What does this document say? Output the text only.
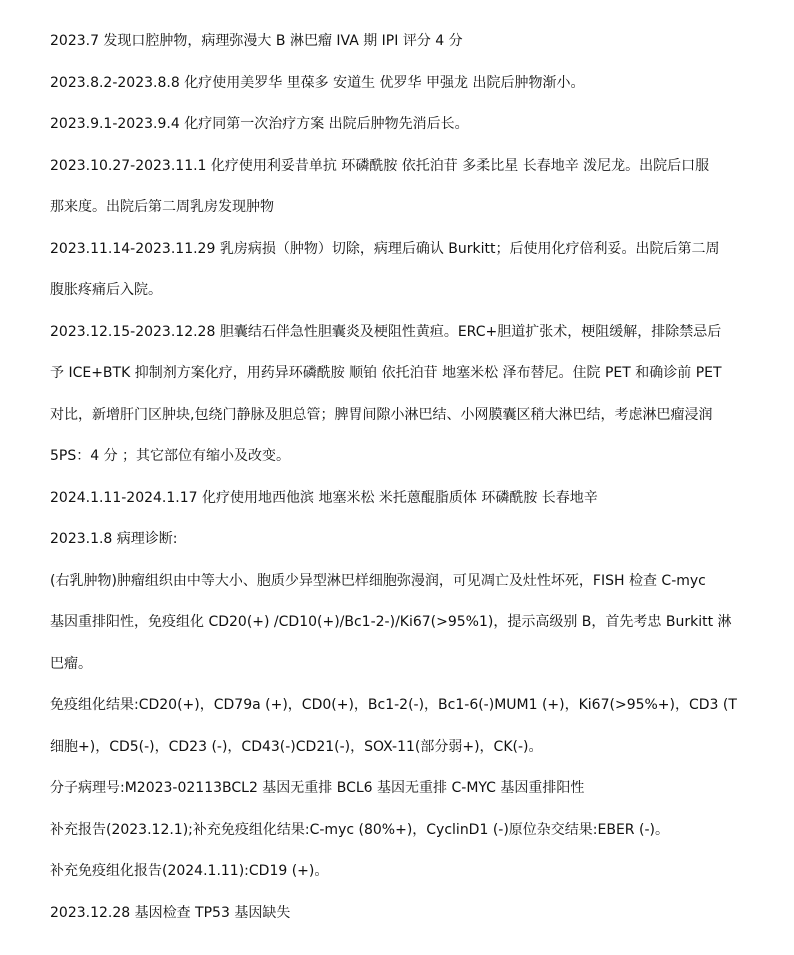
2023.7 发现口腔肿物，病理弥漫大 B 淋巴瘤 IVA 期 IPI 评分 4 分
2023.8.2-2023.8.8 化疗使用美罗华 里葆多 安道生 优罗华 甲强龙 出院后肿物渐小。
2023.9.1-2023.9.4 化疗同第一次治疗方案 出院后肿物先消后长。
2023.10.27-2023.11.1 化疗使用利妥昔单抗 环磷酰胺 依托泊苷 多柔比星 长春地辛 泼尼龙。出院后口服
那来度。出院后第二周乳房发现肿物
2023.11.14-2023.11.29 乳房病损（肿物）切除，病理后确认 Burkitt；后使用化疗倍利妥。出院后第二周
腹胀疼痛后入院。
2023.12.15-2023.12.28 胆囊结石伴急性胆囊炎及梗阻性黄疸。ERC+胆道扩张术，梗阻缓解，排除禁忌后
予 ICE+BTK 抑制剂方案化疗，用药异环磷酰胺 顺铂 依托泊苷 地塞米松 泽布替尼。住院 PET 和确诊前 PET
对比，新增肝门区肿块,包绕门静脉及胆总管；脾胃间隙小淋巴结、小网膜囊区稍大淋巴结，考虑淋巴瘤浸润
5PS：4 分 ；其它部位有缩小及改变。
2024.1.11-2024.1.17 化疗使用地西他滨 地塞米松 米托蒽醌脂质体 环磷酰胺 长春地辛
2023.1.8 病理诊断:
(右乳肿物)肿瘤组织由中等大小、胞质少异型淋巴样细胞弥漫润，可见凋亡及灶性坏死，FISH 检查 C-myc
基因重排阳性，免疫组化 CD20(+) /CD10(+)/Bc1-2-)/Ki67(>95%1)，提示高级别 B，首先考忠 Burkitt 淋
巴瘤。
免疫组化结果:CD20(+)，CD79a (+)，CD0(+)，Bc1-2(-)，Bc1-6(-)MUM1 (+)，Ki67(>95%+)，CD3 (T
细胞+)，CD5(-)，CD23 (-)，CD43(-)CD21(-)，SOX-11(部分弱+)，CK(-)。
分子病理号:M2023-02113BCL2 基因无重排 BCL6 基因无重排 C-MYC 基因重排阳性
补充报告(2023.12.1);补充免疫组化结果:C-myc (80%+)，CyclinD1 (-)原位杂交结果:EBER (-)。
补充免疫组化报告(2024.1.11):CD19 (+)。
2023.12.28 基因检查 TP53 基因缺失
